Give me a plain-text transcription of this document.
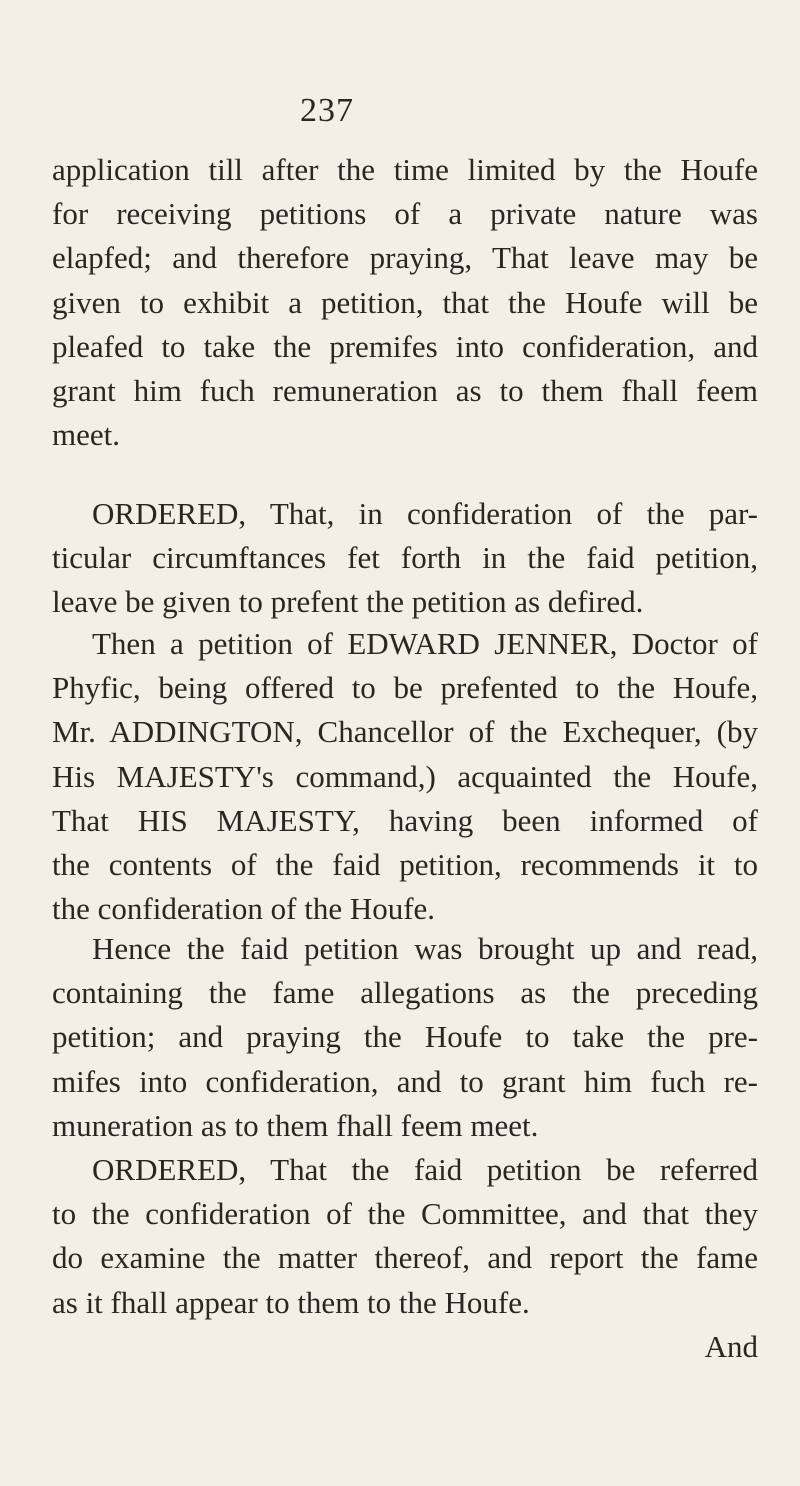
237
application till after the time limited by the Houfe
for receiving petitions of a private nature was
elapfed; and therefore praying, That leave may be
given to exhibit a petition, that the Houfe will be
pleafed to take the premifes into confideration, and
grant him fuch remuneration as to them fhall feem
meet.
ORDERED, That, in confideration of the par-
ticular circumftances fet forth in the faid petition,
leave be given to prefent the petition as defired.
Then a petition of EDWARD JENNER, Doctor of
Phyfic, being offered to be prefented to the Houfe,
Mr. ADDINGTON, Chancellor of the Exchequer, (by
His MAJESTY's command,) acquainted the Houfe,
That HIS MAJESTY, having been informed of
the contents of the faid petition, recommends it to
the confideration of the Houfe.
Hence the faid petition was brought up and read,
containing the fame allegations as the preceding
petition; and praying the Houfe to take the pre-
mifes into confideration, and to grant him fuch re-
muneration as to them fhall feem meet.
ORDERED, That the faid petition be referred
to the confideration of the Committee, and that they
do examine the matter thereof, and report the fame
as it fhall appear to them to the Houfe.
And
